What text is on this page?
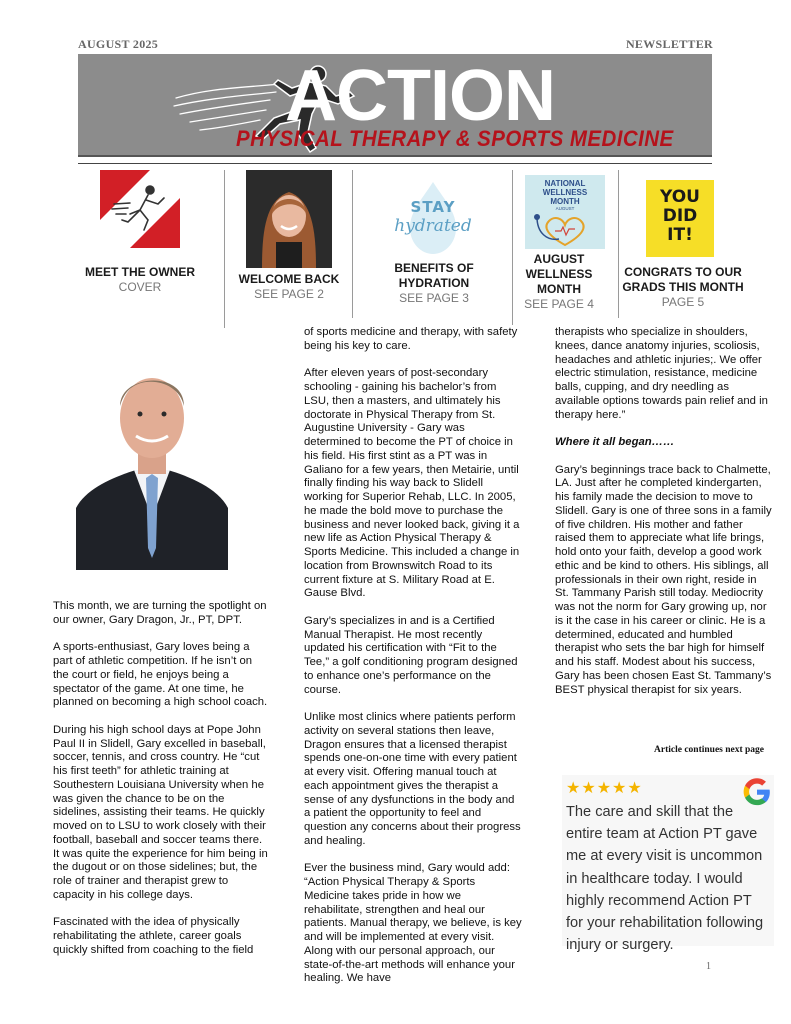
AUGUST 2025	NEWSLETTER
ACTION
PHYSICAL THERAPY & SPORTS MEDICINE
MEET THE OWNER
COVER
WELCOME BACK
SEE PAGE 2
STAY
hydrated
BENEFITS OF HYDRATION
SEE PAGE 3
NATIONAL
WELLNESS
MONTH
AUGUST
AUGUST WELLNESS MONTH
SEE PAGE 4
YOU
DID
IT!
CONGRATS TO OUR GRADS THIS MONTH
PAGE 5

This month, we are turning the spotlight on our owner, Gary Dragon, Jr., PT, DPT.

A sports-enthusiast, Gary loves being a part of athletic competition. If he isn’t on the court or field, he enjoys being a spectator of the game. At one time, he planned on becoming a high school coach.

During his high school days at Pope John Paul II in Slidell, Gary excelled in baseball, soccer, tennis, and cross country. He “cut his first teeth” for athletic training at Southestern Louisiana University when he was given the chance to be on the sidelines, assisting their teams. He quickly moved on to LSU to work closely with their football, baseball and soccer teams there. It was quite the experience for him being in the dugout or on those sidelines; but, the role of trainer and therapist grew to capacity in his college days.

Fascinated with the idea of physically rehabilitating the athlete, career goals quickly shifted from coaching to the field

of sports medicine and therapy, with safety being his key to care.

After eleven years of post-secondary schooling - gaining his bachelor’s from LSU, then a masters, and ultimately his doctorate in Physical Therapy from St. Augustine University - Gary was determined to become the PT of choice in his field. His first stint as a PT was in Galiano for a few years, then Metairie, until finally finding his way back to Slidell working for Superior Rehab, LLC. In 2005, he made the bold move to purchase the business and never looked back, giving it a new life as Action Physical Therapy & Sports Medicine. This included a change in location from Brownswitch Road to its current fixture at S. Military Road at E. Gause Blvd.

Gary’s specializes in and is a Certified Manual Therapist. He most recently updated his certification with “Fit to the Tee,” a golf conditioning program designed to enhance one’s performance on the course.

Unlike most clinics where patients perform activity on several stations then leave, Dragon ensures that a licensed therapist spends one-on-one time with every patient at every visit. Offering manual touch at each appointment gives the therapist a sense of any dysfunctions in the body and a patient the opportunity to feel and question any concerns about their progress and healing.

Ever the business mind, Gary would add: “Action Physical Therapy & Sports Medicine takes pride in how we rehabilitate, strengthen and heal our patients. Manual therapy, we believe, is key and will be implemented at every visit. Along with our personal approach, our state-of-the-art methods will enhance your healing. We have

therapists who specialize in shoulders, knees, dance anatomy injuries, scoliosis, headaches and athletic injuries;. We offer electric stimulation, resistance, medicine balls, cupping, and dry needling as available options towards pain relief and in therapy here.”

Where it all began……

Gary’s beginnings trace back to Chalmette, LA. Just after he completed kindergarten, his family made the decision to move to Slidell. Gary is one of three sons in a family of five children. His mother and father raised them to appreciate what life brings, hold onto your faith, develop a good work ethic and be kind to others. His siblings, all professionals in their own right, reside in St. Tammany Parish still today. Mediocrity was not the norm for Gary growing up, nor is it the case in his career or clinic. He is a determined, educated and humbled therapist who sets the bar high for himself and his staff. Modest about his success, Gary has been chosen East St. Tammany’s BEST physical therapist for six years.

Article continues next page
★★★★★
The care and skill that the entire team at Action PT gave me at every visit is uncommon in healthcare today. I would highly recommend Action PT for your rehabilitation following injury or surgery.
1
